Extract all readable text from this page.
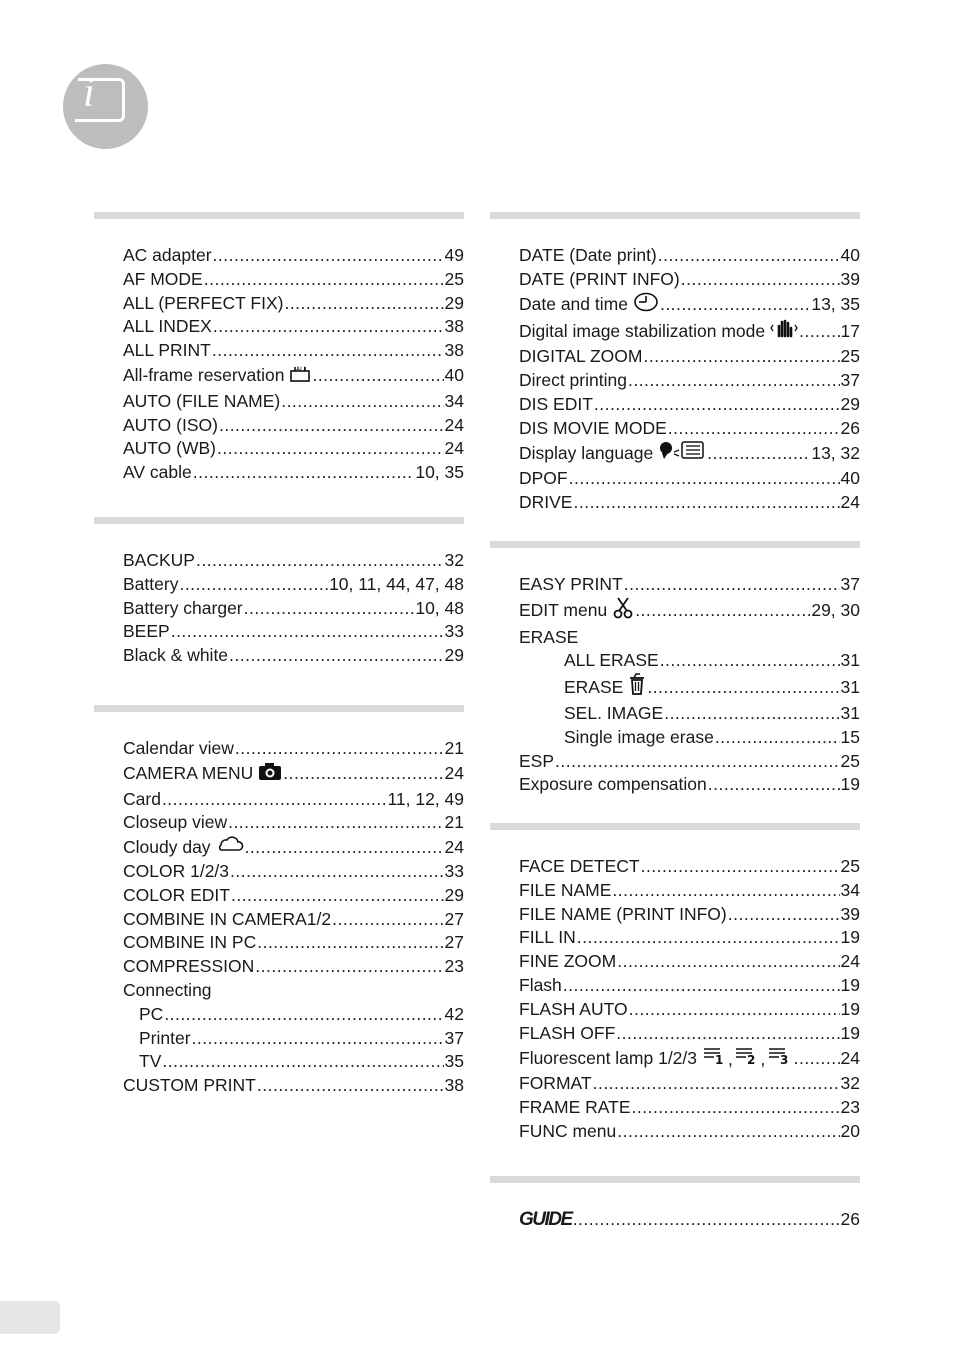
i
AC adapter .....	49
AF MODE .....	25
ALL (PERFECT FIX) .....	29
ALL INDEX .....	38
ALL PRINT .....	38
All-frame reservation ALL .....	40
AUTO (FILE NAME) .....	34
AUTO (ISO) .....	24
AUTO (WB) .....	24
AV cable .....	10, 35
BACKUP .....	32
Battery .....	10, 11, 44, 47, 48
Battery charger .....	10, 48
BEEP .....	33
Black & white .....	29
Calendar view .....	21
CAMERA MENU .....	24
Card .....	11, 12, 49
Closeup view .....	21
Cloudy day .....	24
COLOR 1/2/3 .....	33
COLOR EDIT .....	29
COMBINE IN CAMERA1/2 .....	27
COMBINE IN PC .....	27
COMPRESSION .....	23
Connecting
PC .....	42
Printer .....	37
TV .....	35
CUSTOM PRINT .....	38
DATE (Date print) .....	40
DATE (PRINT INFO) .....	39
Date and time .....	13, 35
Digital image stabilization mode .....	17
DIGITAL ZOOM .....	25
Direct printing .....	37
DIS EDIT .....	29
DIS MOVIE MODE .....	26
Display language .....	13, 32
DPOF .....	40
DRIVE .....	24
EASY PRINT .....	37
EDIT menu .....	29, 30
ERASE
ALL ERASE .....	31
ERASE .....	31
SEL. IMAGE .....	31
Single image erase .....	15
ESP .....	25
Exposure compensation .....	19
FACE DETECT .....	25
FILE NAME .....	34
FILE NAME (PRINT INFO) .....	39
FILL IN .....	19
FINE ZOOM .....	24
Flash .....	19
FLASH AUTO .....	19
FLASH OFF .....	19
Fluorescent lamp 1/2/3 1 ,  2 ,  3 .....	24
FORMAT .....	32
FRAME RATE .....	23
FUNC menu .....	20
GUIDE .....	26
